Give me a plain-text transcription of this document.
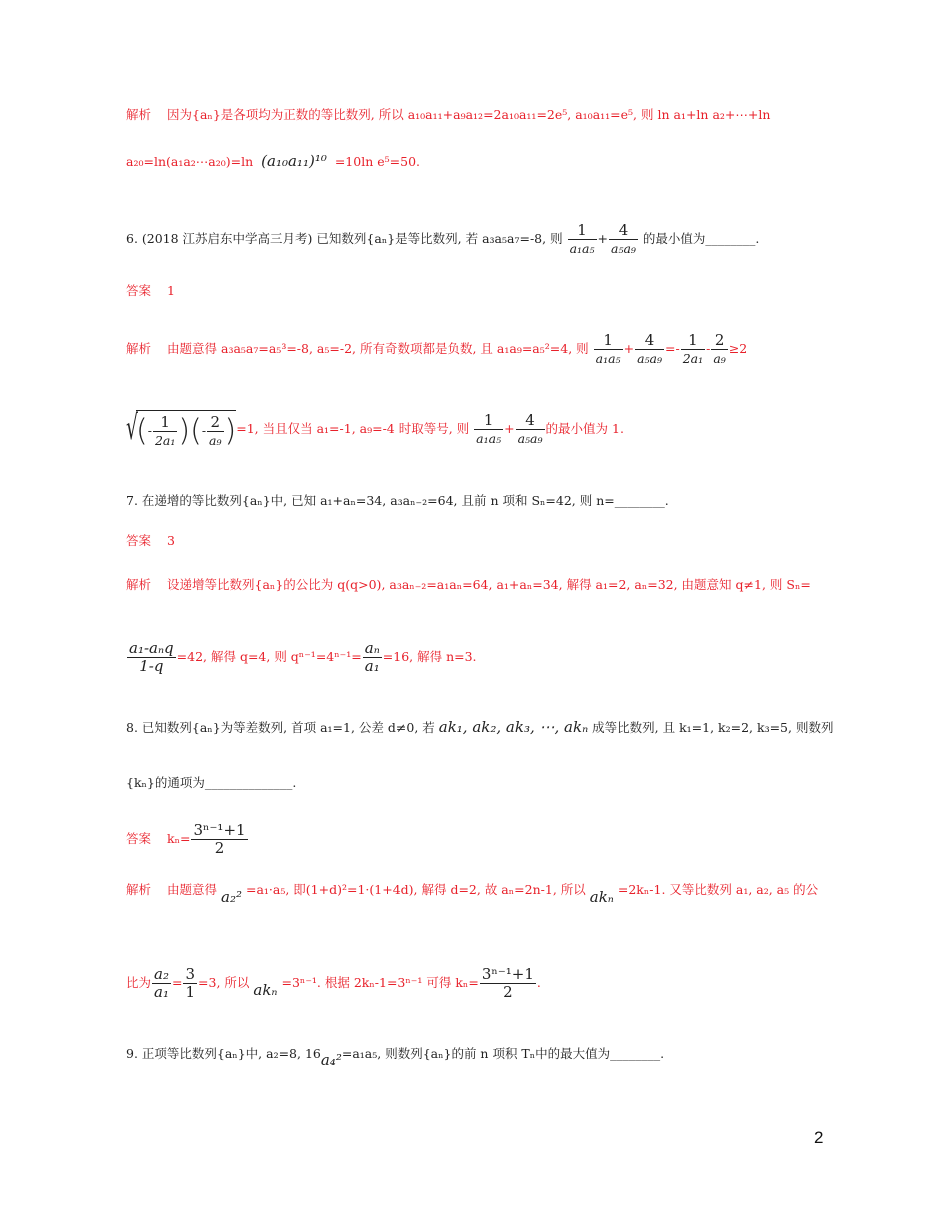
解析 因为{aₙ}是各项均为正数的等比数列, 所以 a₁₀a₁₁+a₉a₁₂=2a₁₀a₁₁=2e⁵, a₁₀a₁₁=e⁵, 则 ln a₁+ln a₂+⋯+ln
a₂₀=ln(a₁a₂⋯a₂₀)=ln (a₁₀a₁₁)¹⁰ =10ln e⁵=50.
6. (2018 江苏启东中学高三月考) 已知数列{aₙ}是等比数列, 若 a₃a₅a₇=-8, 则 $\frac{1}{\text{a₁a₅}} + \frac{4}{\text{a₅a₉}}$ 的最小值为________.
答案 1
解析 由题意得 a₃a₅a₇=a₅³=-8, a₅=-2, 所有奇数项都是负数, 且 a₁a₉=a₅²=4, 则 $\frac{1}{\text{a₁a₅}} + \frac{4}{\text{a₅a₉}} =- \frac{1}{\text{2a₁}} - \frac{2}{\text{a₉}} \ge 2$
√
(- $\frac{1}{\text{2a₁}}$ )(- $\frac{2}{\text{a₉}} )=1$, 当且仅当 a₁=-1, a₉=-4 时取等号, 则 $\frac{1}{\text{a₁a₅}} + \frac{4}{\text{a₅a₉}}$ 的最小值为 1.
7. 在递增的等比数列{aₙ}中, 已知 a₁+aₙ=34, a₃aₙ₋₂=64, 且前 n 项和 Sₙ=42, 则 n=________.
答案 3
解析 设递增等比数列{aₙ}的公比为 q(q>0), a₃aₙ₋₂=a₁aₙ=64, a₁+aₙ=34, 解得 a₁=2, aₙ=32, 由题意知 q≠1, 则 Sₙ=
$\frac{\text{a₁-aₙq}}{1-q} =42$, 解得 q=4, 则 $q^{n-1}=4^{n-1}= \frac{\text{aₙ}}{\text{a₁}} =16$, 解得 n=3.
8. 已知数列{aₙ}为等差数列, 首项 a₁=1, 公差 d≠0, 若 ak₁, ak₂, ak₃, ⋯, akₙ 成等比数列, 且 k₁=1, k₂=2, k₃=5, 则数列
{kₙ}的通项为______________.
答案 $k_n= \frac{\text{3ⁿ⁻¹+1}}{2}$
解析 由题意得 a₂² =a₁·a₅, 即(1+d)²=1·(1+4d), 解得 d=2, 故 aₙ=2n-1, 所以 akₙ =2kₙ-1. 又等比数列 a₁, a₂, a₅ 的公
比为 $\frac{\text{a₂}}{\text{a₁}} = \frac{3}{1} =3$, 所以 akₙ =3ⁿ⁻¹. 根据 2kₙ-1=3ⁿ⁻¹ 可得 $k_n= \frac{\text{3ⁿ⁻¹+1}}{2}$ .
9. 正项等比数列{aₙ}中, a₂=8, 16a₄²=a₁a₅, 则数列{aₙ}的前 n 项积 Tₙ中的最大值为________.
2
